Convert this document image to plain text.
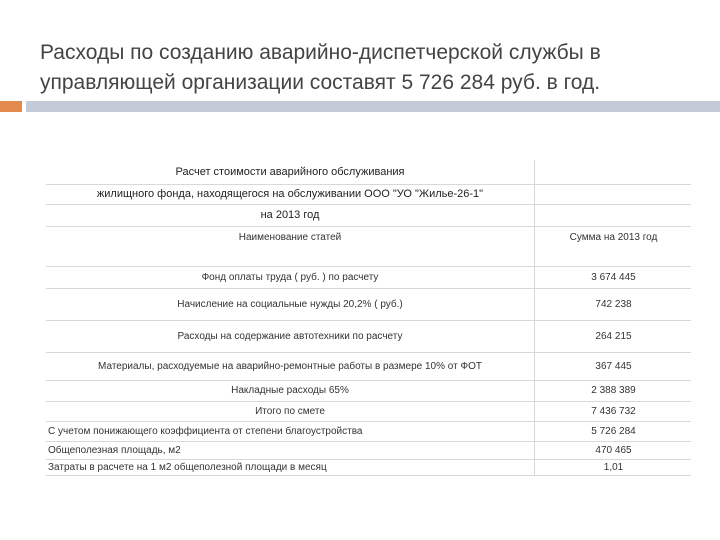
Расходы по созданию аварийно-диспетчерской службы в
управляющей организации составят 5 726 284 руб. в год.
Расчет стоимости аварийного обслуживания
жилищного фонда, находящегося на обслуживании ООО "УО "Жилье-26-1"
на 2013 год
Наименование статей	Сумма на 2013 год
Фонд оплаты труда ( руб. ) по расчету	3 674 445
Начисление на социальные нужды 20,2% ( руб.)	742 238
Расходы на содержание автотехники по расчету	264 215
Материалы, расходуемые на аварийно-ремонтные работы в размере 10% от ФОТ	367 445
Накладные расходы 65%	2 388 389
Итого по смете	7 436 732
С учетом понижающего коэффициента от степени благоустройства	5 726 284
Общеполезная площадь, м2	470 465
Затраты в расчете на 1 м2 общеполезной площади в месяц	1,01
